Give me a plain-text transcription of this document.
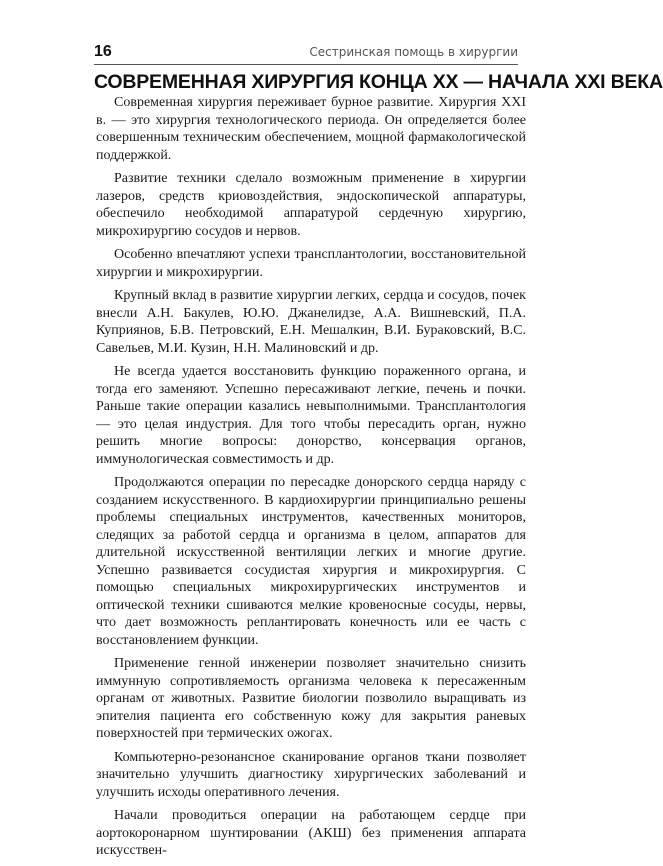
16	Сестринская помощь в хирургии
СОВРЕМЕННАЯ ХИРУРГИЯ КОНЦА XX — НАЧАЛА XXI ВЕКА

Современная хирургия переживает бурное развитие. Хирургия XXI в. — это хирургия технологического периода. Он определяется более совершенным техническим обеспечением, мощной фармакологической поддержкой.

Развитие техники сделало возможным применение в хирургии лазеров, средств криовоздействия, эндоскопической аппаратуры, обеспечило необходимой аппаратурой сердечную хирургию, микрохирургию сосудов и нервов.

Особенно впечатляют успехи трансплантологии, восстановительной хирургии и микрохирургии.

Крупный вклад в развитие хирургии легких, сердца и сосудов, почек внесли А.Н. Бакулев, Ю.Ю. Джанелидзе, А.А. Вишневский, П.А. Куприянов, Б.В. Петровский, Е.Н. Мешалкин, В.И. Бураковский, В.С. Савельев, М.И. Кузин, Н.Н. Малиновский и др.

Не всегда удается восстановить функцию пораженного органа, и тогда его заменяют. Успешно пересаживают легкие, печень и почки. Раньше такие операции казались невыполнимыми. Трансплантология — это целая индустрия. Для того чтобы пересадить орган, нужно решить многие вопросы: донорство, консервация органов, иммунологическая совместимость и др.

Продолжаются операции по пересадке донорского сердца наряду с созданием искусственного. В кардиохирургии принципиально решены проблемы специальных инструментов, качественных мониторов, следящих за работой сердца и организма в целом, аппаратов для длительной искусственной вентиляции легких и многие другие. Успешно развивается сосудистая хирургия и микрохирургия. С помощью специальных микрохирургических инструментов и оптической техники сшиваются мелкие кровеносные сосуды, нервы, что дает возможность реплантировать конечность или ее часть с восстановлением функции.

Применение генной инженерии позволяет значительно снизить иммунную сопротивляемость организма человека к пересаженным органам от животных. Развитие биологии позволило выращивать из эпителия пациента его собственную кожу для закрытия раневых поверхностей при термических ожогах.

Компьютерно-резонансное сканирование органов ткани позволяет значительно улучшить диагностику хирургических заболеваний и улучшить исходы оперативного лечения.

Начали проводиться операции на работающем сердце при аортокоронарном шунтировании (АКШ) без применения аппарата искусствен-
